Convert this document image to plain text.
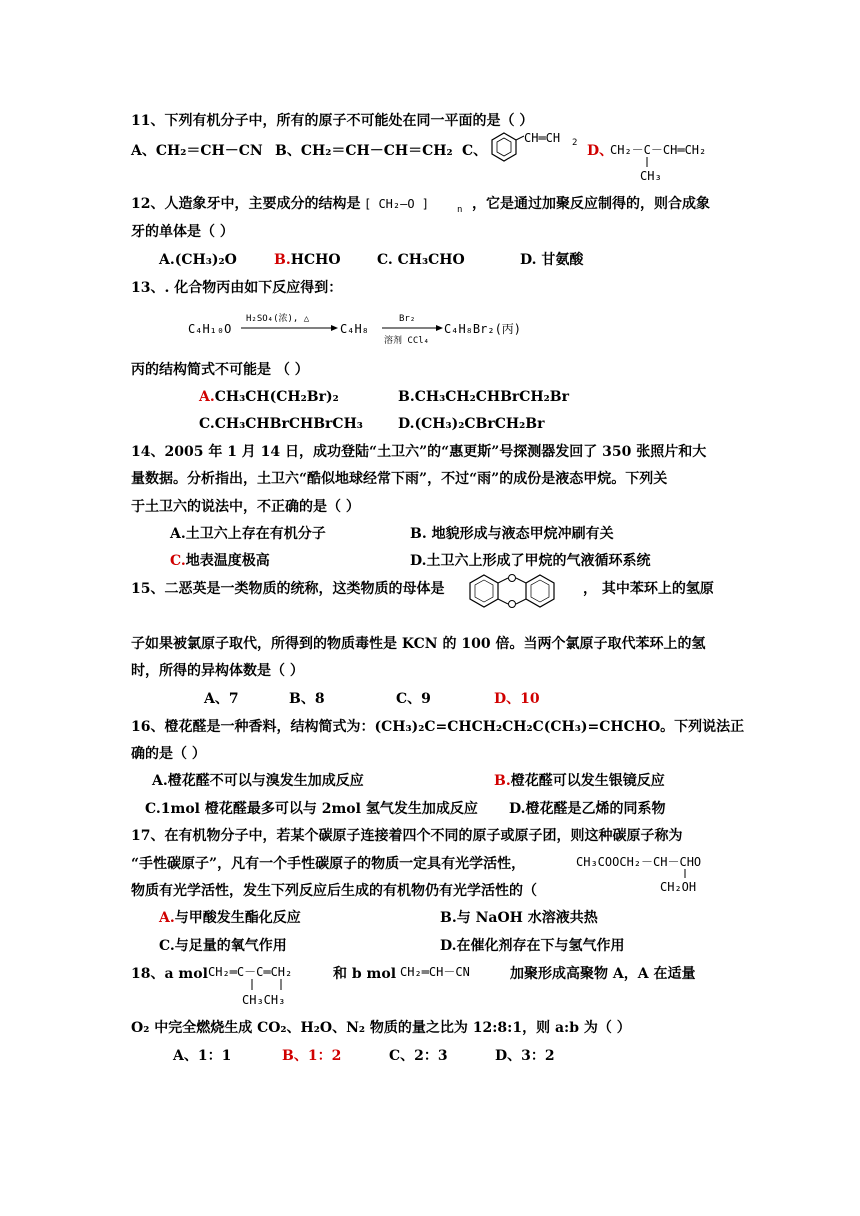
11、下列有机分子中，所有的原子不可能处在同一平面的是（ ）
A、CH₂＝CH－CN B、CH₂＝CH－CH＝CH₂ C、
CH═CH 2 D、
CH₂－C－CH═CH₂
CH₃
12、人造象牙中，主要成分的结构是 [ CH₂—O ]	n ，它是通过加聚反应制得的，则合成象
牙的单体是（ ）
A.(CH₃)₂O	B.HCHO	C. CH₃CHO	D. 甘氨酸
13、. 化合物丙由如下反应得到：
C₄H₁₀O
H₂SO₄(浓), △
C₄H₈
Br₂
溶剂 CCl₄
C₄H₈Br₂(丙)
丙的结构简式不可能是 （ ）
A.CH₃CH(CH₂Br)₂	B.CH₃CH₂CHBrCH₂Br
C.CH₃CHBrCHBrCH₃	D.(CH₃)₂CBrCH₂Br
14、2005 年 1 月 14 日，成功登陆“土卫六”的“惠更斯”号探测器发回了 350 张照片和大
量数据。分析指出，土卫六“酷似地球经常下雨”，不过“雨”的成份是液态甲烷。下列关
于土卫六的说法中，不正确的是（ ）
A.土卫六上存在有机分子	B. 地貌形成与液态甲烷冲刷有关
C.地表温度极高	D.土卫六上形成了甲烷的气液循环系统
15、二恶英是一类物质的统称，这类物质的母体是	， 其中苯环上的氢原
子如果被氯原子取代，所得到的物质毒性是 KCN 的 100 倍。当两个氯原子取代苯环上的氢
时，所得的异构体数是（ ）
A、7	B、8	C、9	D、10
16、橙花醛是一种香料，结构简式为：(CH₃)₂C=CHCH₂CH₂C(CH₃)=CHCHO。下列说法正
确的是（ ）
A.橙花醛不可以与溴发生加成反应	B.橙花醛可以发生银镜反应
C.1mol 橙花醛最多可以与 2mol 氢气发生加成反应 D.橙花醛是乙烯的同系物
17、在有机物分子中，若某个碳原子连接着四个不同的原子或原子团，则这种碳原子称为
“手性碳原子”，凡有一个手性碳原子的物质一定具有光学活性，	CH₃COOCH₂－CH－CHO
CH₂OH
物质有光学活性，发生下列反应后生成的有机物仍有光学活性的（
A.与甲酸发生酯化反应	B.与 NaOH 水溶液共热
C.与足量的氧气作用	D.在催化剂存在下与氢气作用
18、a mol CH₂═C－C═CH₂
CH₃CH₃
和 b mol CH₂═CH－CN	加聚形成高聚物 A，A 在适量
O₂ 中完全燃烧生成 CO₂、H₂O、N₂ 物质的量之比为 12:8:1，则 a:b 为（ ）
A、1：1	B、1：2	C、2：3	D、3：2
